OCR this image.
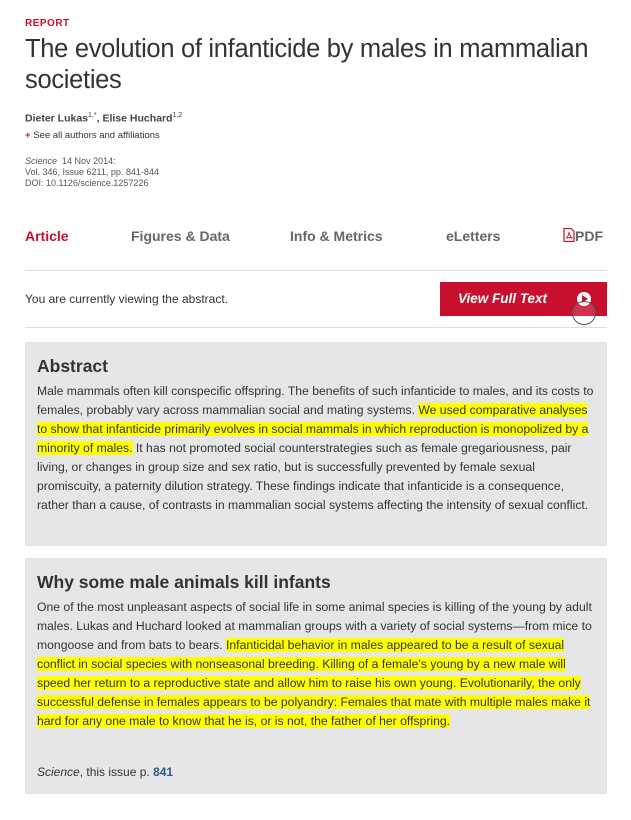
REPORT
The evolution of infanticide by males in mammalian societies
Dieter Lukas$^{1,*}$, Elise Huchard$^{1,2}$
+ See all authors and affiliations
Science 14 Nov 2014:
Vol. 346, Issue 6211, pp. 841-844
DOI: 10.1126/science.1257226
Article	Figures & Data	Info & Metrics	eLetters	PDF
You are currently viewing the abstract.	View Full Text
Abstract
Male mammals often kill conspecific offspring. The benefits of such infanticide to males, and its costs to females, probably vary across mammalian social and mating systems. We used comparative analyses to show that infanticide primarily evolves in social mammals in which reproduction is monopolized by a minority of males. It has not promoted social counterstrategies such as female gregariousness, pair living, or changes in group size and sex ratio, but is successfully prevented by female sexual promiscuity, a paternity dilution strategy. These findings indicate that infanticide is a consequence, rather than a cause, of contrasts in mammalian social systems affecting the intensity of sexual conflict.
Why some male animals kill infants
One of the most unpleasant aspects of social life in some animal species is killing of the young by adult males. Lukas and Huchard looked at mammalian groups with a variety of social systems—from mice to mongoose and from bats to bears. Infanticidal behavior in males appeared to be a result of sexual conflict in social species with nonseasonal breeding. Killing of a female's young by a new male will speed her return to a reproductive state and allow him to raise his own young. Evolutionarily, the only successful defense in females appears to be polyandry: Females that mate with multiple males make it hard for any one male to know that he is, or is not, the father of her offspring.
Science, this issue p. 841
